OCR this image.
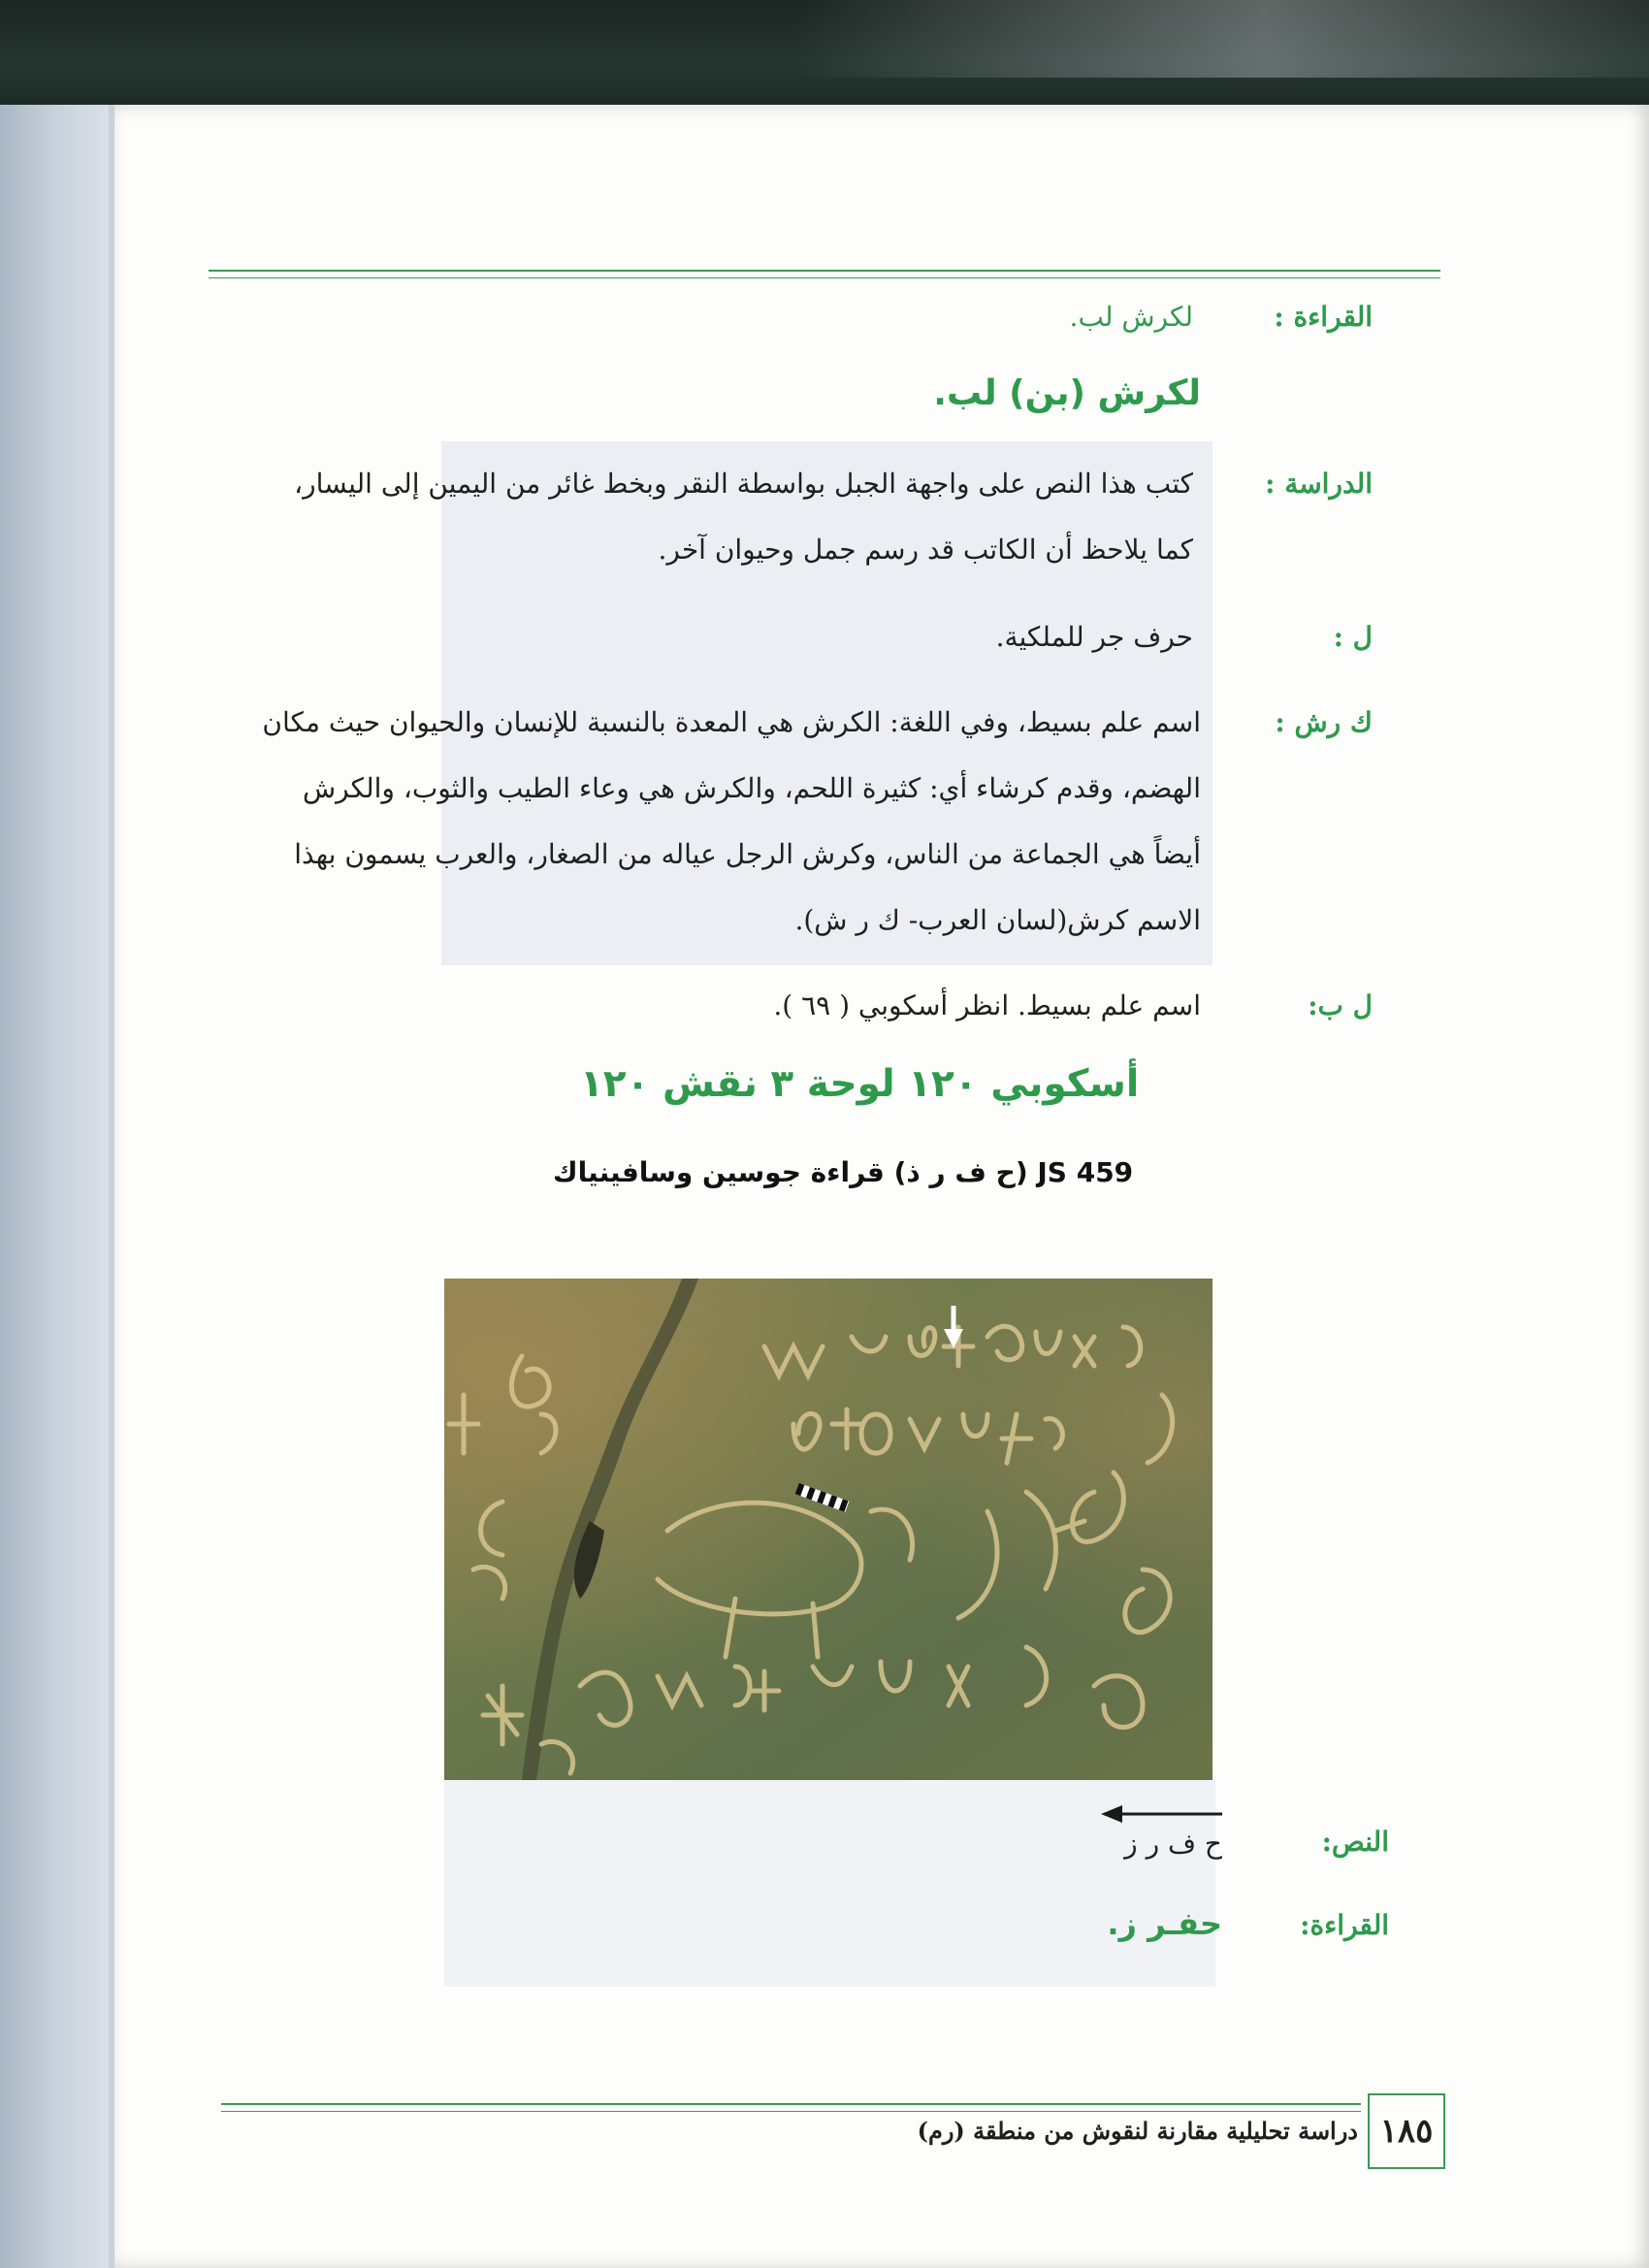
القراءة :
لكرش لب.
لكرش (بن) لب.
الدراسة :
كتب هذا النص على واجهة الجبل بواسطة النقر وبخط غائر من اليمين إلى اليسار،
كما يلاحظ أن الكاتب قد رسم جمل وحيوان آخر.
ل :
حرف جر للملكية.
ك رش :
اسم علم بسيط، وفي اللغة: الكرش هي المعدة بالنسبة للإنسان والحيوان حيث مكان
الهضم، وقدم كرشاء أي: كثيرة اللحم، والكرش هي وعاء الطيب والثوب، والكرش
أيضاً هي الجماعة من الناس، وكرش الرجل عياله من الصغار، والعرب يسمون بهذا
الاسم كرش(لسان العرب- ك ر ش).
ل ب:
اسم علم بسيط. انظر أسكوبي ( ٦٩ ).
أسكوبي ١٢٠ لوحة ٣ نقش ١٢٠
JS 459 (ح ف ر ذ) قراءة جوسين وسافينياك
النص:
ح ف ر ز
القراءة:
حفـر ز.
١٨٥
دراسة تحليلية مقارنة لنقوش من منطقة (رم)
